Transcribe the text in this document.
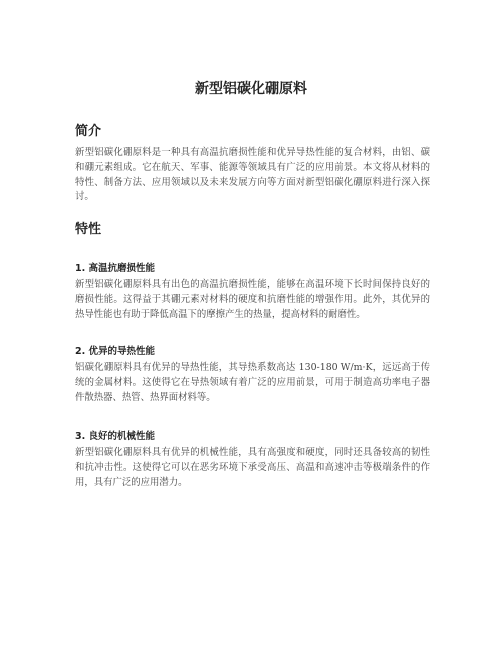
新型铝碳化硼原料
简介
新型铝碳化硼原料是一种具有高温抗磨损性能和优异导热性能的复合材料，由铝、碳和硼元素组成。它在航天、军事、能源等领域具有广泛的应用前景。本文将从材料的特性、制备方法、应用领域以及未来发展方向等方面对新型铝碳化硼原料进行深入探讨。
特性
1. 高温抗磨损性能
新型铝碳化硼原料具有出色的高温抗磨损性能，能够在高温环境下长时间保持良好的磨损性能。这得益于其硼元素对材料的硬度和抗磨性能的增强作用。此外，其优异的热导性能也有助于降低高温下的摩擦产生的热量，提高材料的耐磨性。
2. 优异的导热性能
铝碳化硼原料具有优异的导热性能，其导热系数高达 130-180 W/m·K，远远高于传统的金属材料。这使得它在导热领域有着广泛的应用前景，可用于制造高功率电子器件散热器、热管、热界面材料等。
3. 良好的机械性能
新型铝碳化硼原料具有优异的机械性能，具有高强度和硬度，同时还具备较高的韧性和抗冲击性。这使得它可以在恶劣环境下承受高压、高温和高速冲击等极端条件的作用，具有广泛的应用潜力。
